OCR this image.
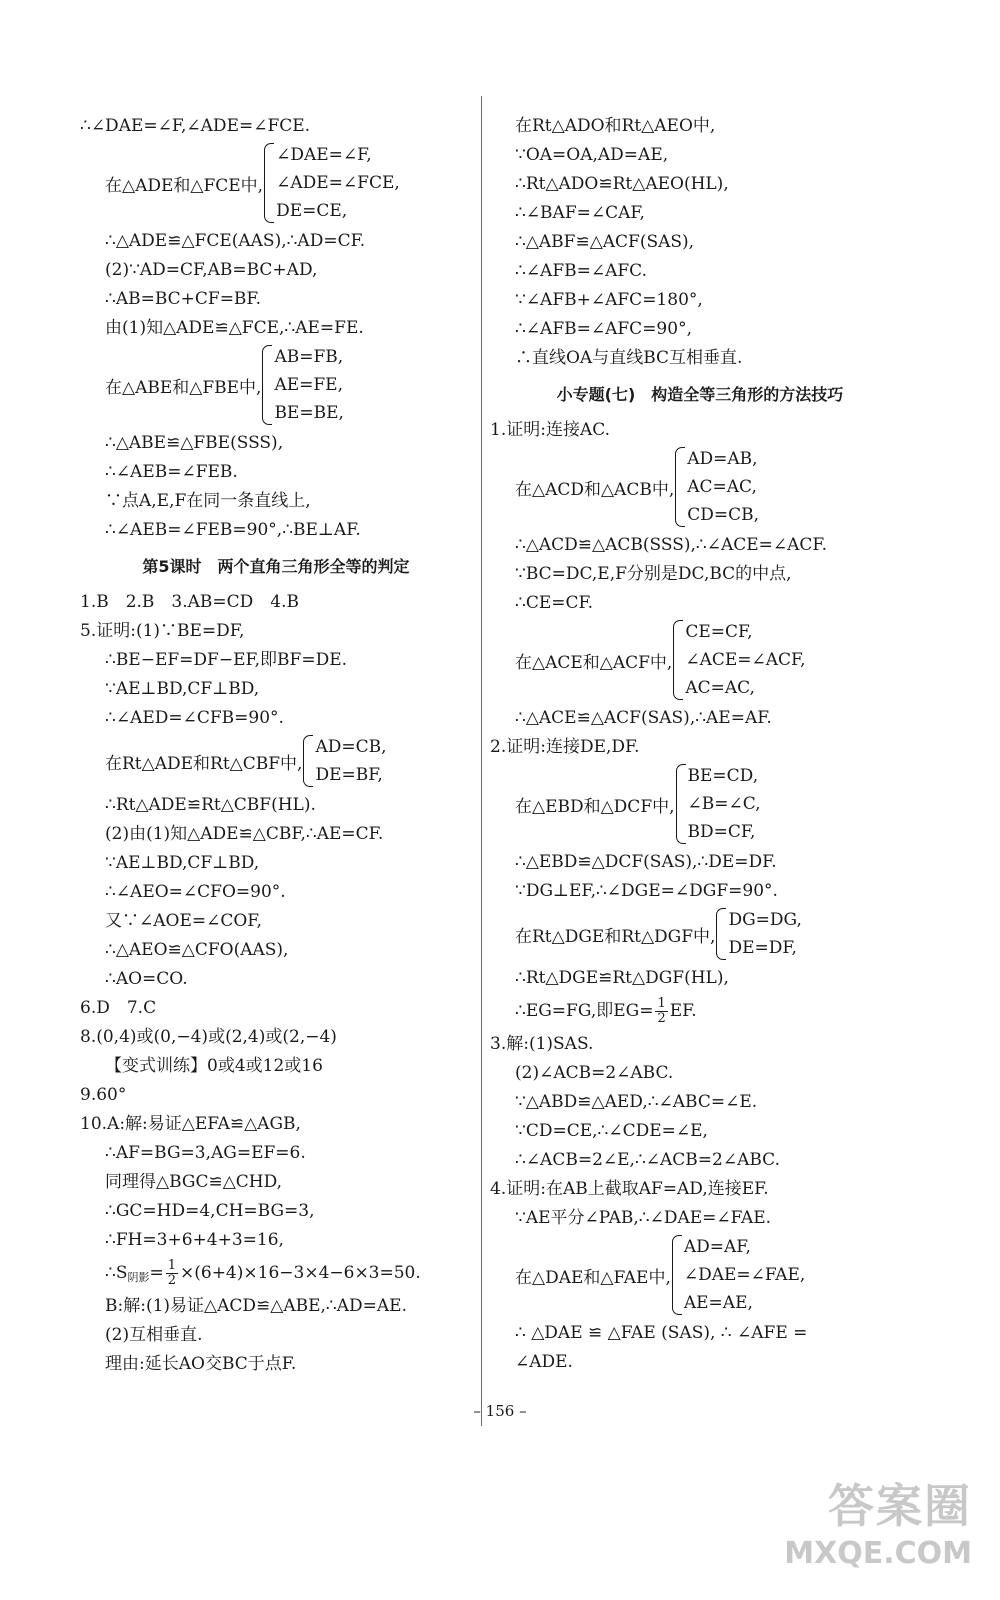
∴∠DAE=∠F,∠ADE=∠FCE.
在△ADE和△FCE中,
∠DAE=∠F,
∠ADE=∠FCE,
DE=CE,
∴△ADE≌△FCE(AAS),∴AD=CF.
(2)∵AD=CF,AB=BC+AD,
∴AB=BC+CF=BF.
由(1)知△ADE≌△FCE,∴AE=FE.
在△ABE和△FBE中,
AB=FB,
AE=FE,
BE=BE,
∴△ABE≌△FBE(SSS),
∴∠AEB=∠FEB.
∵点A,E,F在同一条直线上,
∴∠AEB=∠FEB=90°,∴BE⊥AF.
第5课时　两个直角三角形全等的判定
1.B　2.B　3.AB=CD　4.B
5.证明:(1)∵BE=DF,
∴BE−EF=DF−EF,即BF=DE.
∵AE⊥BD,CF⊥BD,
∴∠AED=∠CFB=90°.
在Rt△ADE和Rt△CBF中,
AD=CB,
DE=BF,
∴Rt△ADE≌Rt△CBF(HL).
(2)由(1)知△ADE≌△CBF,∴AE=CF.
∵AE⊥BD,CF⊥BD,
∴∠AEO=∠CFO=90°.
又∵∠AOE=∠COF,
∴△AEO≌△CFO(AAS),
∴AO=CO.
6.D　7.C
8.(0,4)或(0,−4)或(2,4)或(2,−4)
【变式训练】0或4或12或16
9.60°
10.A:解:易证△EFA≌△AGB,
∴AF=BG=3,AG=EF=6.
同理得△BGC≌△CHD,
∴GC=HD=4,CH=BG=3,
∴FH=3+6+4+3=16,
$\therefore S_{阴影}= \frac{1}{2} \times(6+4)\times 16-3\times 4-6\times 3=50$.
B:解:(1)易证△ACD≌△ABE,∴AD=AE.
(2)互相垂直.
理由:延长AO交BC于点F.
在Rt△ADO和Rt△AEO中,
∵OA=OA,AD=AE,
∴Rt△ADO≌Rt△AEO(HL),
∴∠BAF=∠CAF,
∴△ABF≌△ACF(SAS),
∴∠AFB=∠AFC.
∵∠AFB+∠AFC=180°,
∴∠AFB=∠AFC=90°,
∴直线OA与直线BC互相垂直.
小专题(七)　构造全等三角形的方法技巧
1.证明:连接AC.
在△ACD和△ACB中,
AD=AB,
AC=AC,
CD=CB,
∴△ACD≌△ACB(SSS),∴∠ACE=∠ACF.
∵BC=DC,E,F分别是DC,BC的中点,
∴CE=CF.
在△ACE和△ACF中,
CE=CF,
∠ACE=∠ACF,
AC=AC,
∴△ACE≌△ACF(SAS),∴AE=AF.
2.证明:连接DE,DF.
在△EBD和△DCF中,
BE=CD,
∠B=∠C,
BD=CF,
∴△EBD≌△DCF(SAS),∴DE=DF.
∵DG⊥EF,∴∠DGE=∠DGF=90°.
在Rt△DGE和Rt△DGF中,
DG=DG,
DE=DF,
∴Rt△DGE≌Rt△DGF(HL),
∴EG=FG,即$EG= \frac{1}{2}$ EF.
3.解:(1)SAS.
(2)∠ACB=2∠ABC.
∵△ABD≌△AED,∴∠ABC=∠E.
∵CD=CE,∴∠CDE=∠E,
∴∠ACB=2∠E,∴∠ACB=2∠ABC.
4.证明:在AB上截取AF=AD,连接EF.
∵AE平分∠PAB,∴∠DAE=∠FAE.
在△DAE和△FAE中,
AD=AF,
∠DAE=∠FAE,
AE=AE,
∴ △DAE ≌ △FAE (SAS), ∴ ∠AFE =
∠ADE.
– 156 –
答案圈
MXQE.COM
